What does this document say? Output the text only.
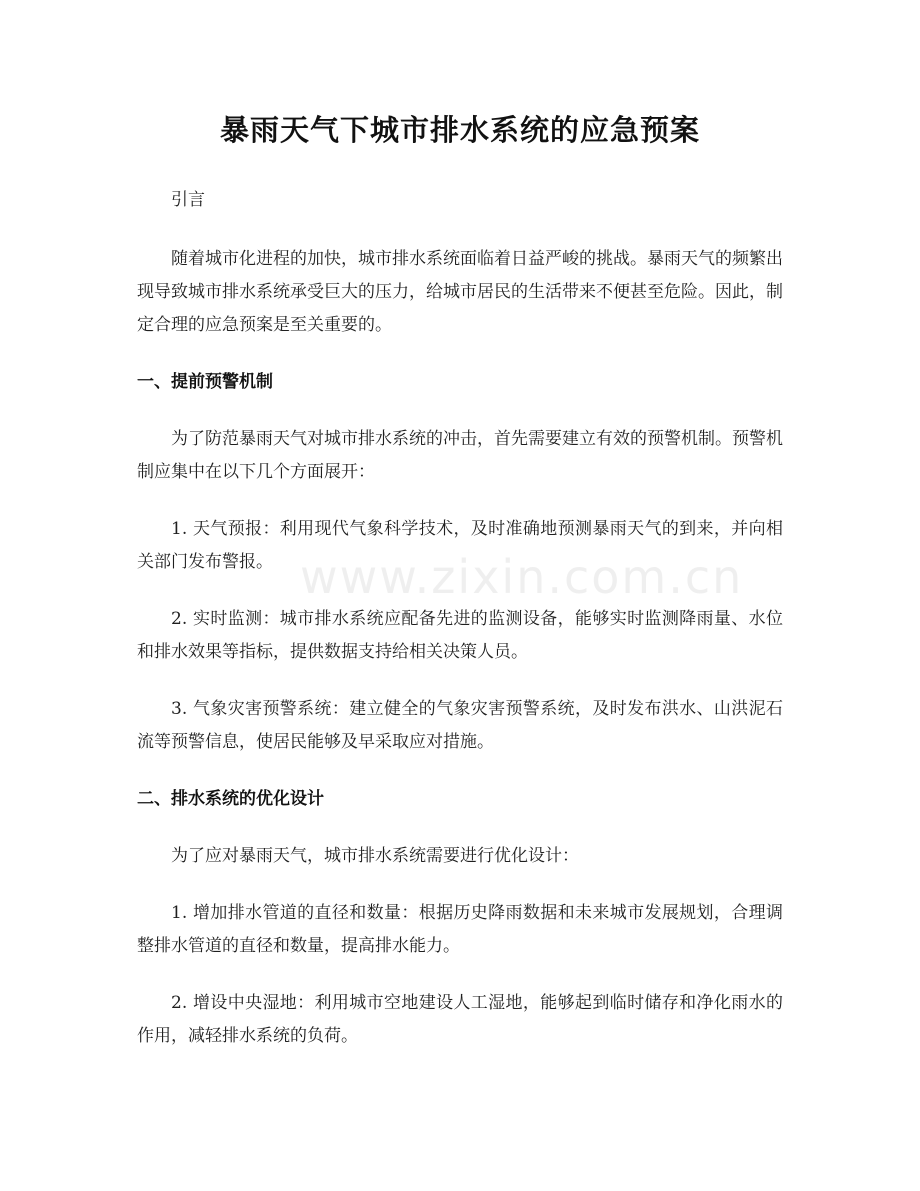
www.zixin.com.cn
暴雨天气下城市排水系统的应急预案

引言

随着城市化进程的加快，城市排水系统面临着日益严峻的挑战。暴雨天气的频繁出现导致城市排水系统承受巨大的压力，给城市居民的生活带来不便甚至危险。因此，制定合理的应急预案是至关重要的。

一、提前预警机制

为了防范暴雨天气对城市排水系统的冲击，首先需要建立有效的预警机制。预警机制应集中在以下几个方面展开：

1. 天气预报：利用现代气象科学技术，及时准确地预测暴雨天气的到来，并向相关部门发布警报。

2. 实时监测：城市排水系统应配备先进的监测设备，能够实时监测降雨量、水位和排水效果等指标，提供数据支持给相关决策人员。

3. 气象灾害预警系统：建立健全的气象灾害预警系统，及时发布洪水、山洪泥石流等预警信息，使居民能够及早采取应对措施。

二、排水系统的优化设计

为了应对暴雨天气，城市排水系统需要进行优化设计：

1. 增加排水管道的直径和数量：根据历史降雨数据和未来城市发展规划，合理调整排水管道的直径和数量，提高排水能力。

2. 增设中央湿地：利用城市空地建设人工湿地，能够起到临时储存和净化雨水的作用，减轻排水系统的负荷。
